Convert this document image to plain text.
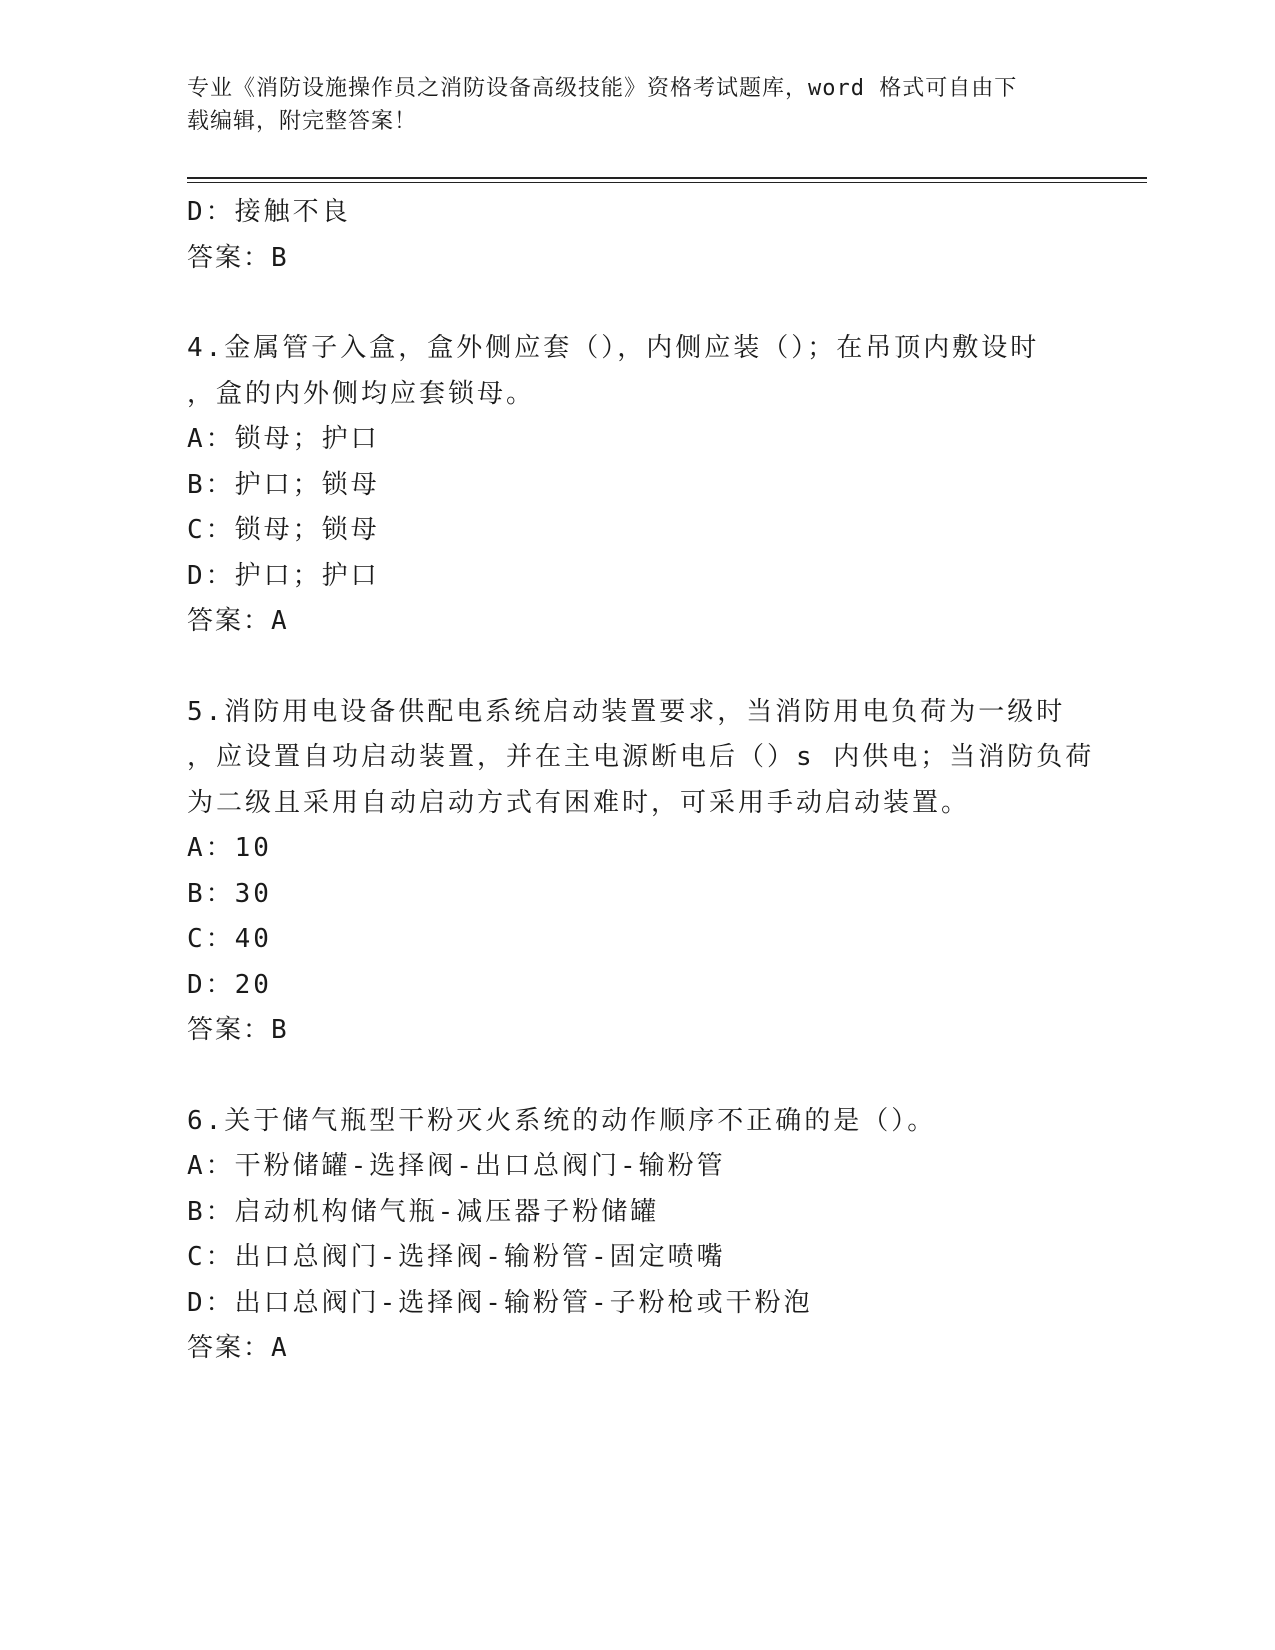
专业《消防设施操作员之消防设备高级技能》资格考试题库，word 格式可自由下
载编辑，附完整答案！
D：接触不良
答案：B
4.金属管子入盒，盒外侧应套（），内侧应装（）；在吊顶内敷设时
，盒的内外侧均应套锁母。
A：锁母；护口
B：护口；锁母
C：锁母；锁母
D：护口；护口
答案：A
5.消防用电设备供配电系统启动装置要求，当消防用电负荷为一级时
，应设置自功启动装置，并在主电源断电后（）s 内供电；当消防负荷
为二级且采用自动启动方式有困难时，可采用手动启动装置。
A：10
B：30
C：40
D：20
答案：B
6.关于储气瓶型干粉灭火系统的动作顺序不正确的是（）。
A：干粉储罐-选择阀-出口总阀门-输粉管
B：启动机构储气瓶-减压器子粉储罐
C：出口总阀门-选择阀-输粉管-固定喷嘴
D：出口总阀门-选择阀-输粉管-子粉枪或干粉泡
答案：A
